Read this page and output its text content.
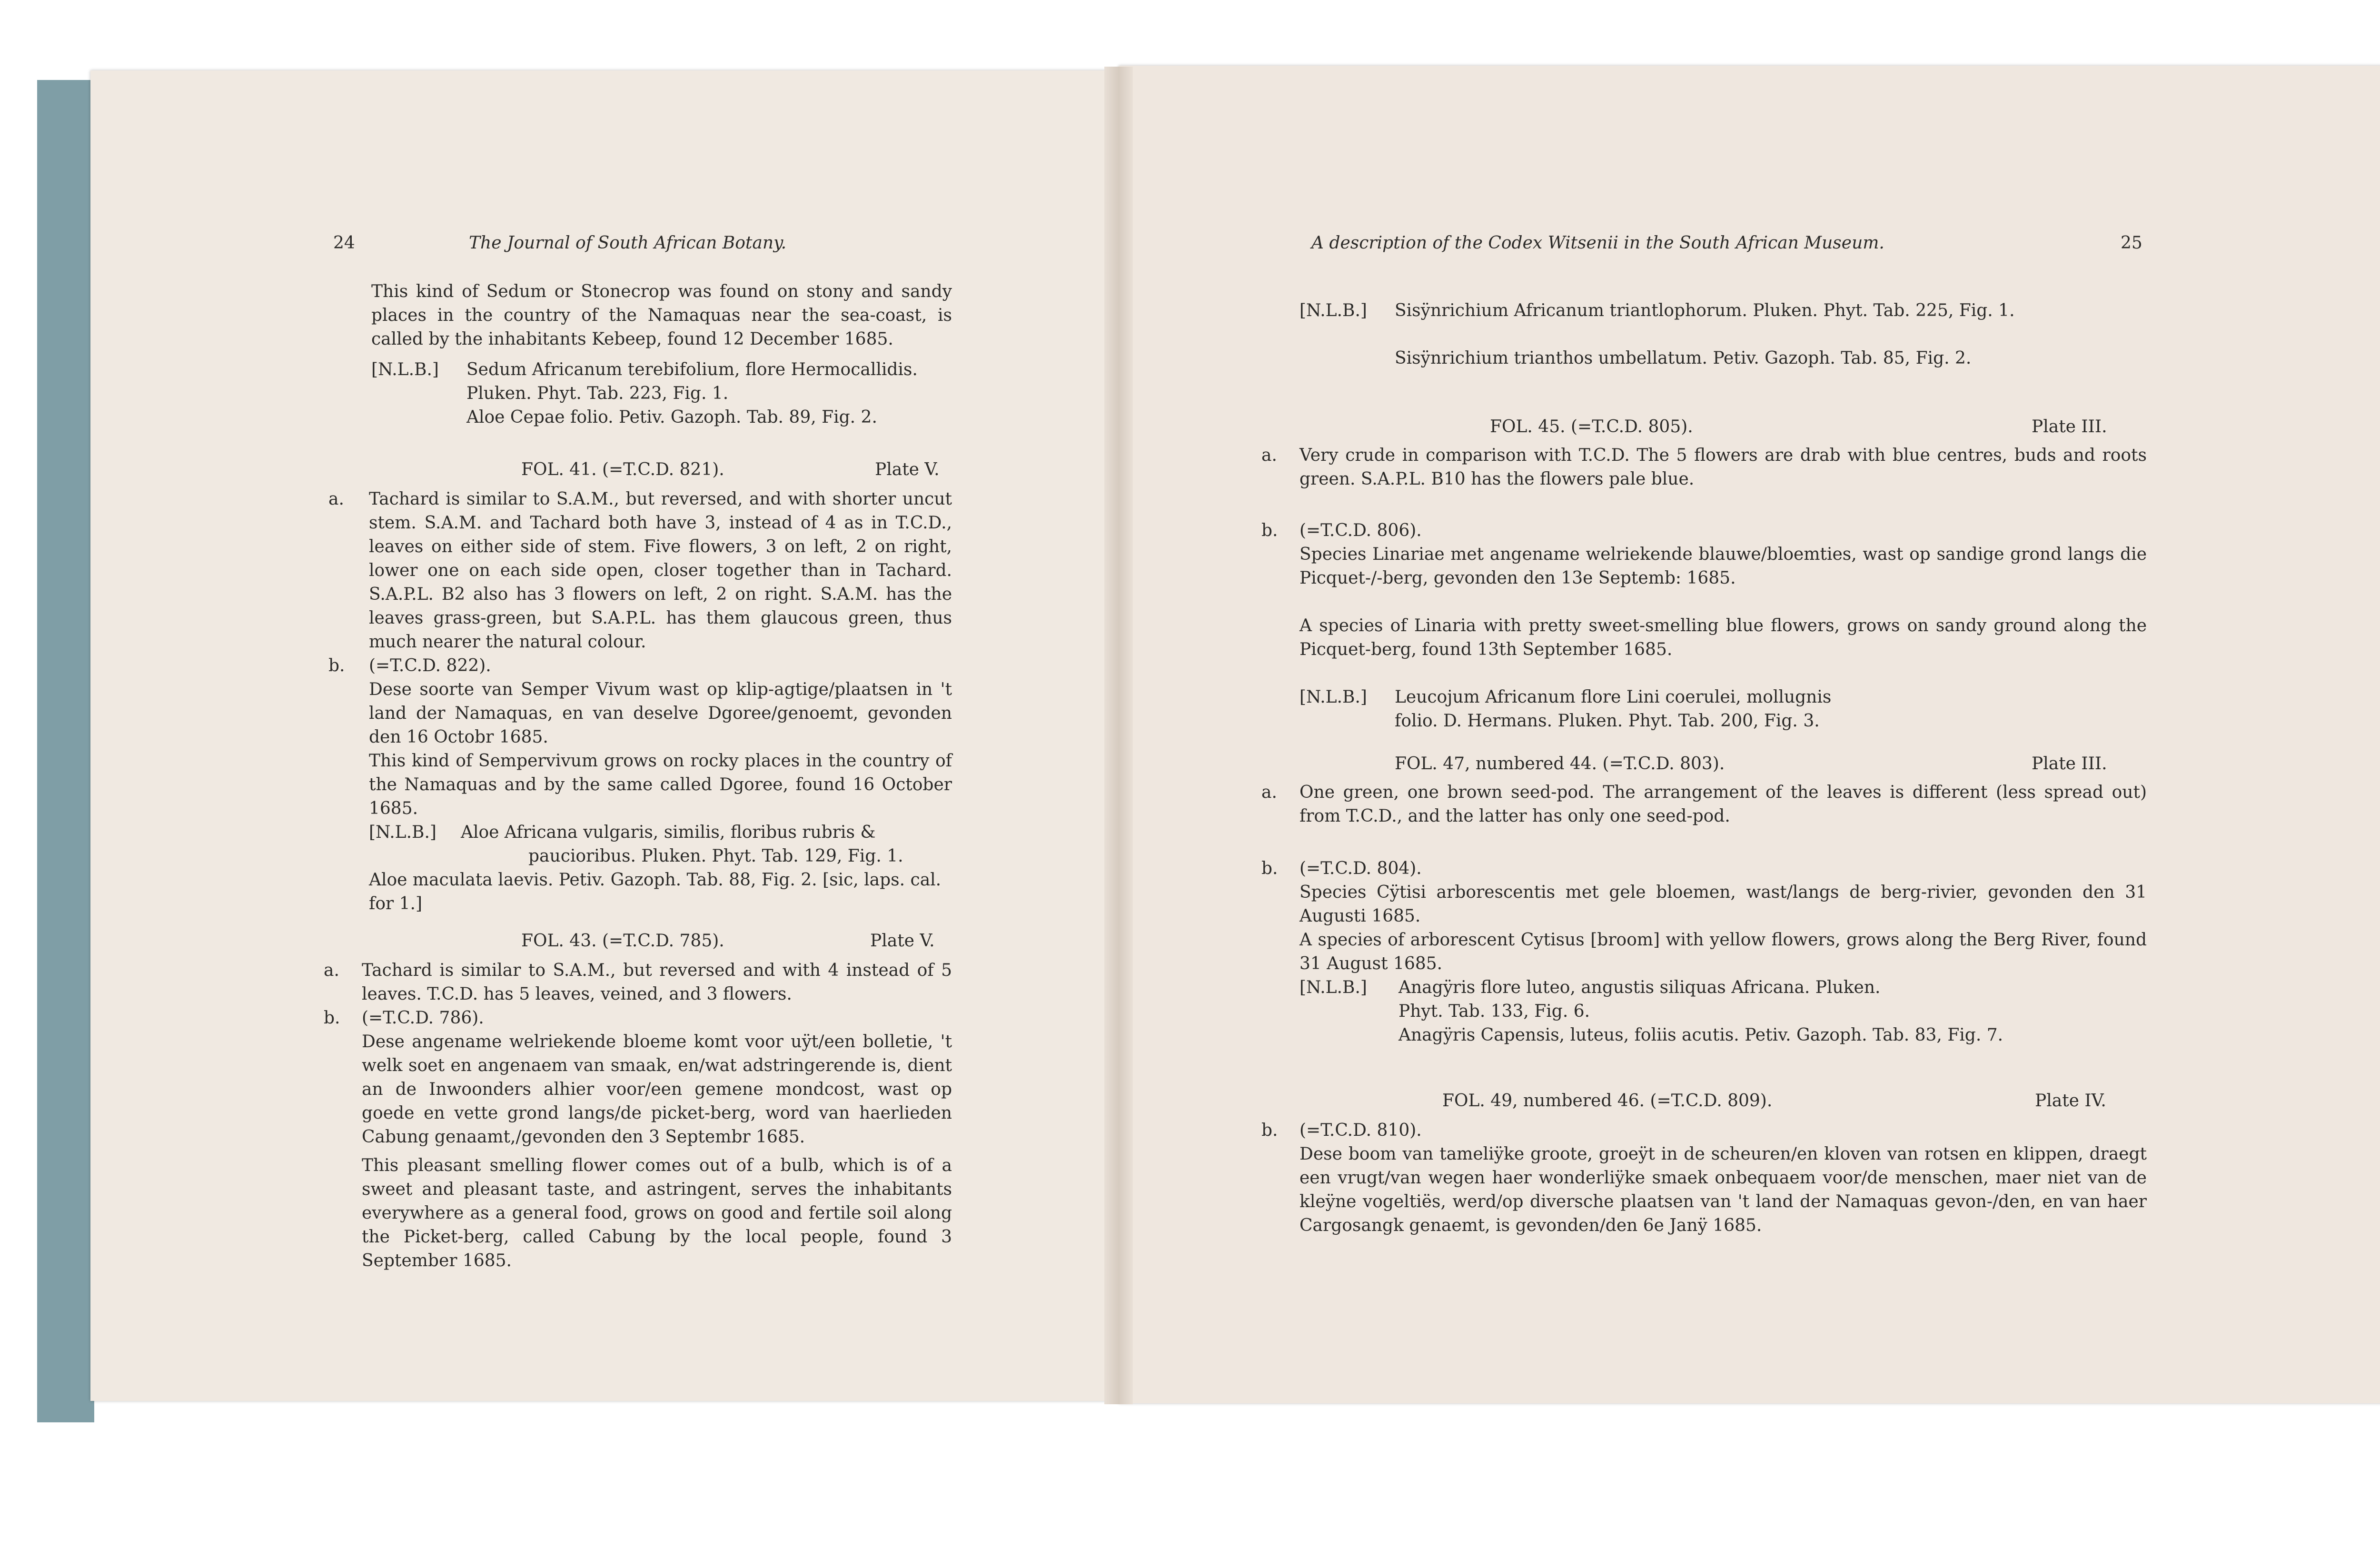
24	The Journal of South African Botany.
This kind of Sedum or Stonecrop was found on stony and sandy places in the country of the Namaquas near the sea-coast, is called by the inhabitants Kebeep, found 12 December 1685.
[N.L.B.] Sedum Africanum terebifolium, flore Hermocallidis.
Pluken. Phyt. Tab. 223, Fig. 1.
Aloe Cepae folio. Petiv. Gazoph. Tab. 89, Fig. 2.
FOL. 41. (=T.C.D. 821).	Plate V.
a. Tachard is similar to S.A.M., but reversed, and with shorter uncut stem. S.A.M. and Tachard both have 3, instead of 4 as in T.C.D., leaves on either side of stem. Five flowers, 3 on left, 2 on right, lower one on each side open, closer together than in Tachard. S.A.P.L. B2 also has 3 flowers on left, 2 on right. S.A.M. has the leaves grass-green, but S.A.P.L. has them glaucous green, thus much nearer the natural colour.
b. (=T.C.D. 822).
Dese soorte van Semper Vivum wast op klip-agtige/plaatsen in 't land der Namaquas, en van deselve Dgoree/genoemt, gevonden den 16 Octobr 1685.
This kind of Sempervivum grows on rocky places in the country of the Namaquas and by the same called Dgoree, found 16 October 1685.
[N.L.B.] Aloe Africana vulgaris, similis, floribus rubris &
paucioribus. Pluken. Phyt. Tab. 129, Fig. 1.
Aloe maculata laevis. Petiv. Gazoph. Tab. 88, Fig. 2. [sic, laps. cal. for 1.]
FOL. 43. (=T.C.D. 785).	Plate V.
a. Tachard is similar to S.A.M., but reversed and with 4 instead of 5 leaves. T.C.D. has 5 leaves, veined, and 3 flowers.
b. (=T.C.D. 786).
Dese angename welriekende bloeme komt voor uÿt/een bolletie, 't welk soet en angenaem van smaak, en/wat adstringerende is, dient an de Inwoonders alhier voor/een gemene mondcost, wast op goede en vette grond langs/de picket-berg, word van haerlieden Cabung genaamt,/gevonden den 3 Septembr 1685.
This pleasant smelling flower comes out of a bulb, which is of a sweet and pleasant taste, and astringent, serves the inhabitants everywhere as a general food, grows on good and fertile soil along the Picket-berg, called Cabung by the local people, found 3 September 1685.
A description of the Codex Witsenii in the South African Museum.	25
[N.L.B.] Sisÿnrichium Africanum triantlophorum. Pluken. Phyt. Tab. 225, Fig. 1.
Sisÿnrichium trianthos umbellatum. Petiv. Gazoph. Tab. 85, Fig. 2.
FOL. 45. (=T.C.D. 805).	Plate III.
a. Very crude in comparison with T.C.D. The 5 flowers are drab with blue centres, buds and roots green. S.A.P.L. B10 has the flowers pale blue.
b. (=T.C.D. 806).
Species Linariae met angename welriekende blauwe/bloemties, wast op sandige grond langs die Picquet-/-berg, gevonden den 13e Septemb: 1685.
A species of Linaria with pretty sweet-smelling blue flowers, grows on sandy ground along the Picquet-berg, found 13th September 1685.
[N.L.B.] Leucojum Africanum flore Lini coerulei, mollugnis
folio. D. Hermans. Pluken. Phyt. Tab. 200, Fig. 3.
FOL. 47, numbered 44. (=T.C.D. 803).	Plate III.
a. One green, one brown seed-pod. The arrangement of the leaves is different (less spread out) from T.C.D., and the latter has only one seed-pod.
b. (=T.C.D. 804).
Species Cÿtisi arborescentis met gele bloemen, wast/langs de berg-rivier, gevonden den 31 Augusti 1685.
A species of arborescent Cytisus [broom] with yellow flowers, grows along the Berg River, found 31 August 1685.
[N.L.B.] Anagÿris flore luteo, angustis siliquas Africana. Pluken.
Phyt. Tab. 133, Fig. 6.
Anagÿris Capensis, luteus, foliis acutis. Petiv. Gazoph. Tab. 83, Fig. 7.
FOL. 49, numbered 46. (=T.C.D. 809).	Plate IV.
b. (=T.C.D. 810).
Dese boom van tameliÿke groote, groeÿt in de scheuren/en kloven van rotsen en klippen, draegt een vrugt/van wegen haer wonderliÿke smaek onbequaem voor/de menschen, maer niet van de kleÿne vogeltiës, werd/op diversche plaatsen van 't land der Namaquas gevon-/den, en van haer Cargosangk genaemt, is gevonden/den 6e Janÿ 1685.
